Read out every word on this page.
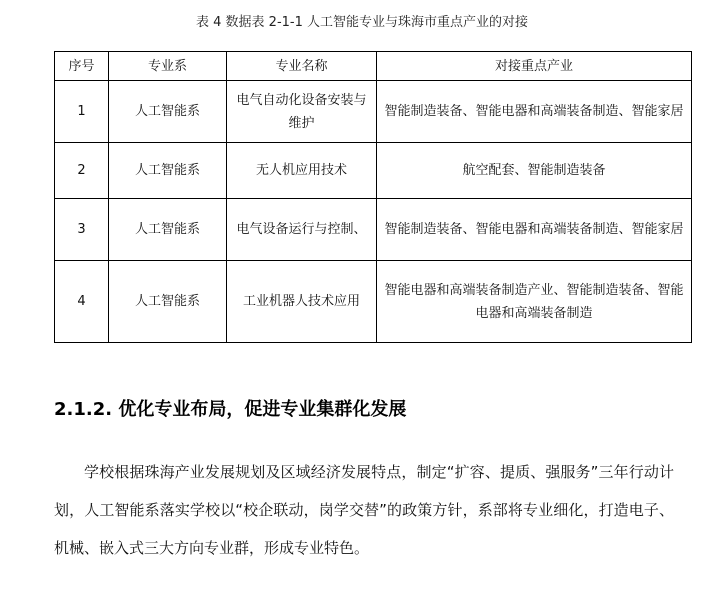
表 4 数据表 2-1-1 人工智能专业与珠海市重点产业的对接
序号	专业系	专业名称	对接重点产业
1	人工智能系	电气自动化设备安装与维护	智能制造装备、智能电器和高端装备制造、智能家居
2	人工智能系	无人机应用技术	航空配套、智能制造装备
3	人工智能系	电气设备运行与控制、	智能制造装备、智能电器和高端装备制造、智能家居
4	人工智能系	工业机器人技术应用	智能电器和高端装备制造产业、智能制造装备、智能电器和高端装备制造
2.1.2. 优化专业布局，促进专业集群化发展

学校根据珠海产业发展规划及区域经济发展特点，制定“扩容、提质、强服务”三年行动计划，人工智能系落实学校以“校企联动，岗学交替”的政策方针，系部将专业细化，打造电子、机械、嵌入式三大方向专业群，形成专业特色。
